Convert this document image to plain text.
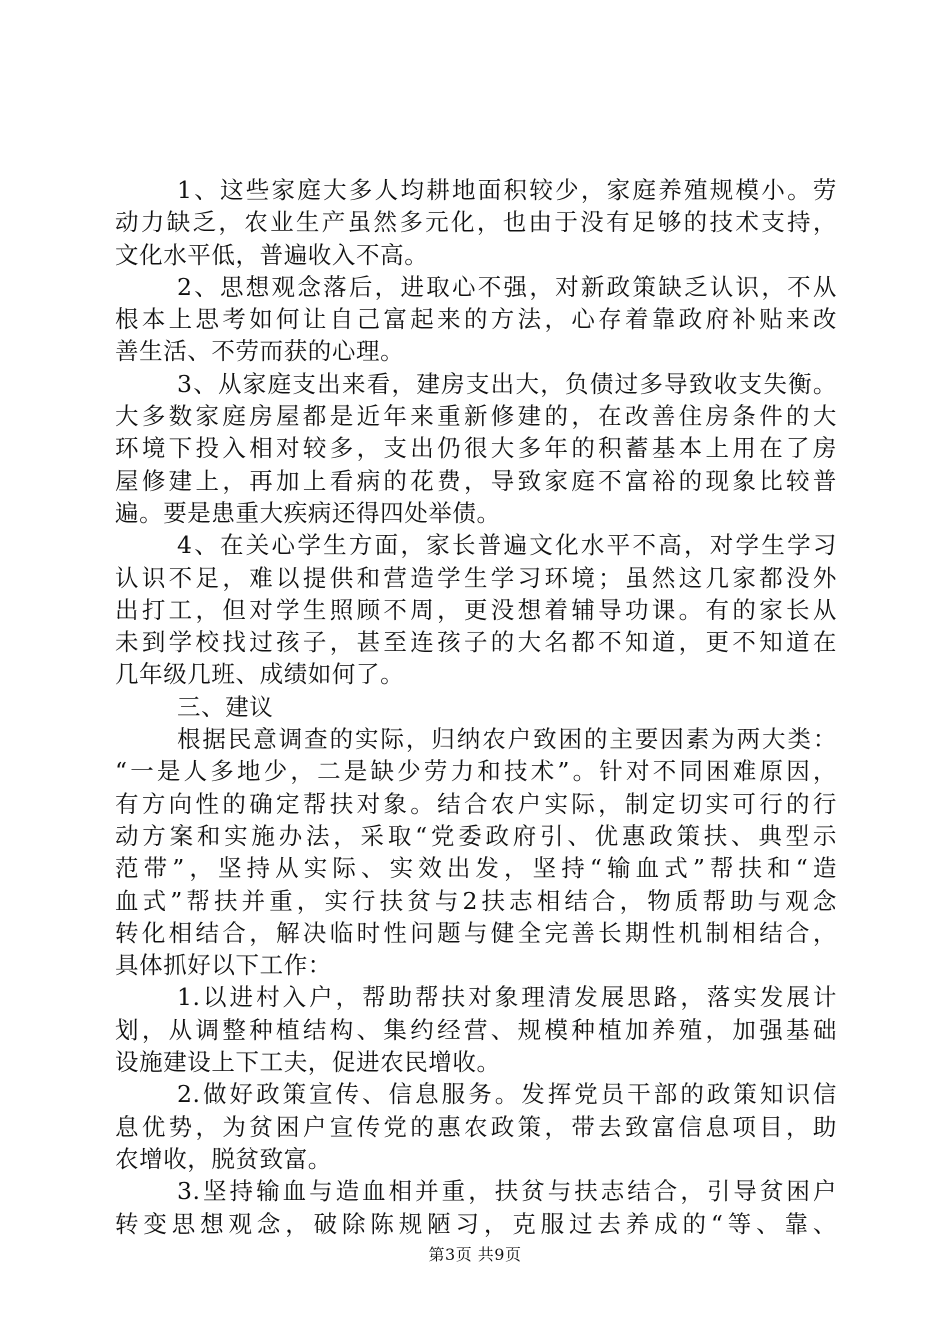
1、这些家庭大多人均耕地面积较少，家庭养殖规模小。劳
动力缺乏，农业生产虽然多元化，也由于没有足够的技术支持，
文化水平低，普遍收入不高。
2、思想观念落后，进取心不强，对新政策缺乏认识，不从
根本上思考如何让自己富起来的方法，心存着靠政府补贴来改
善生活、不劳而获的心理。
3、从家庭支出来看，建房支出大，负债过多导致收支失衡。
大多数家庭房屋都是近年来重新修建的，在改善住房条件的大
环境下投入相对较多，支出仍很大多年的积蓄基本上用在了房
屋修建上，再加上看病的花费，导致家庭不富裕的现象比较普
遍。要是患重大疾病还得四处举债。
4、在关心学生方面，家长普遍文化水平不高，对学生学习
认识不足，难以提供和营造学生学习环境；虽然这几家都没外
出打工，但对学生照顾不周，更没想着辅导功课。有的家长从
未到学校找过孩子，甚至连孩子的大名都不知道，更不知道在
几年级几班、成绩如何了。
三、建议
根据民意调查的实际，归纳农户致困的主要因素为两大类：
“一是人多地少，二是缺少劳力和技术”。针对不同困难原因，
有方向性的确定帮扶对象。结合农户实际，制定切实可行的行
动方案和实施办法，采取“党委政府引、优惠政策扶、典型示
范带”，坚持从实际、实效出发，坚持“输血式”帮扶和“造
血式”帮扶并重，实行扶贫与2扶志相结合，物质帮助与观念
转化相结合，解决临时性问题与健全完善长期性机制相结合，
具体抓好以下工作：
1.以进村入户，帮助帮扶对象理清发展思路，落实发展计
划，从调整种植结构、集约经营、规模种植加养殖，加强基础
设施建设上下工夫，促进农民增收。
2.做好政策宣传、信息服务。发挥党员干部的政策知识信
息优势，为贫困户宣传党的惠农政策，带去致富信息项目，助
农增收，脱贫致富。
3.坚持输血与造血相并重，扶贫与扶志结合，引导贫困户
转变思想观念，破除陈规陋习，克服过去养成的“等、靠、
第3页 共9页
